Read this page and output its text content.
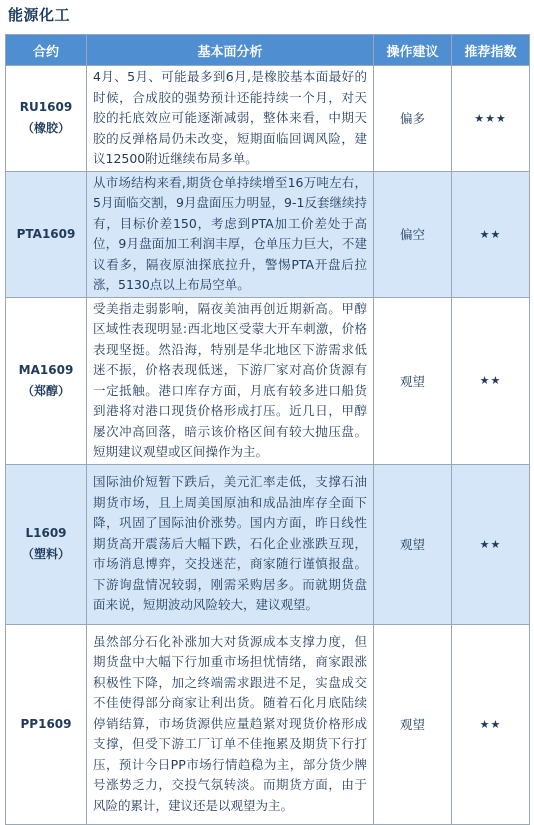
能源化工
合约	基本面分析	操作建议	推荐指数

RU1609
（橡胶）	4月、5月、可能最多到6月,是橡胶基本面最好的时候，合成胶的强势预计还能持续一个月，对天胶的托底效应可能逐渐减弱，整体来看，中期天胶的反弹格局仍未改变，短期面临回调风险，建议12500附近继续布局多单。	偏多	★★★

PTA1609	从市场结构来看,期货仓单持续增至16万吨左右，5月面临交割，9月盘面压力明显，9-1反套继续持有，目标价差150，考虑到PTA加工价差处于高位，9月盘面加工利润丰厚，仓单压力巨大，不建议看多，隔夜原油探底拉升，警惕PTA开盘后拉涨，5130点以上布局空单。	偏空	★★

MA1609
（郑醇）	受美指走弱影响，隔夜美油再创近期新高。甲醇区域性表现明显:西北地区受蒙大开车刺激，价格表现坚挺。然沿海，特别是华北地区下游需求低迷不振，价格表现低迷，下游厂家对高价货源有一定抵触。港口库存方面，月底有较多进口船货到港将对港口现货价格形成打压。近几日，甲醇屡次冲高回落，暗示该价格区间有较大抛压盘。短期建议观望或区间操作为主。	观望	★★

L1609
（塑料）	国际油价短暂下跌后，美元汇率走低，支撑石油期货市场，且上周美国原油和成品油库存全面下降，巩固了国际油价涨势。国内方面，昨日线性期货高开震荡后大幅下跌，石化企业涨跌互现，市场消息博弈，交投迷茫，商家随行谨慎报盘。下游询盘情况较弱，刚需采购居多。而就期货盘面来说，短期波动风险较大，建议观望。	观望	★★

PP1609	虽然部分石化补涨加大对货源成本支撑力度，但期货盘中大幅下行加重市场担忧情绪，商家跟涨积极性下降，加之终端需求跟进不足，实盘成交不佳使得部分商家让利出货。随着石化月底陆续停销结算，市场货源供应量趋紧对现货价格形成支撑，但受下游工厂订单不佳拖累及期货下行打压，预计今日PP市场行情趋稳为主，部分货少牌号涨势乏力，交投气氛转淡。而期货方面，由于风险的累计，建议还是以观望为主。	观望	★★
